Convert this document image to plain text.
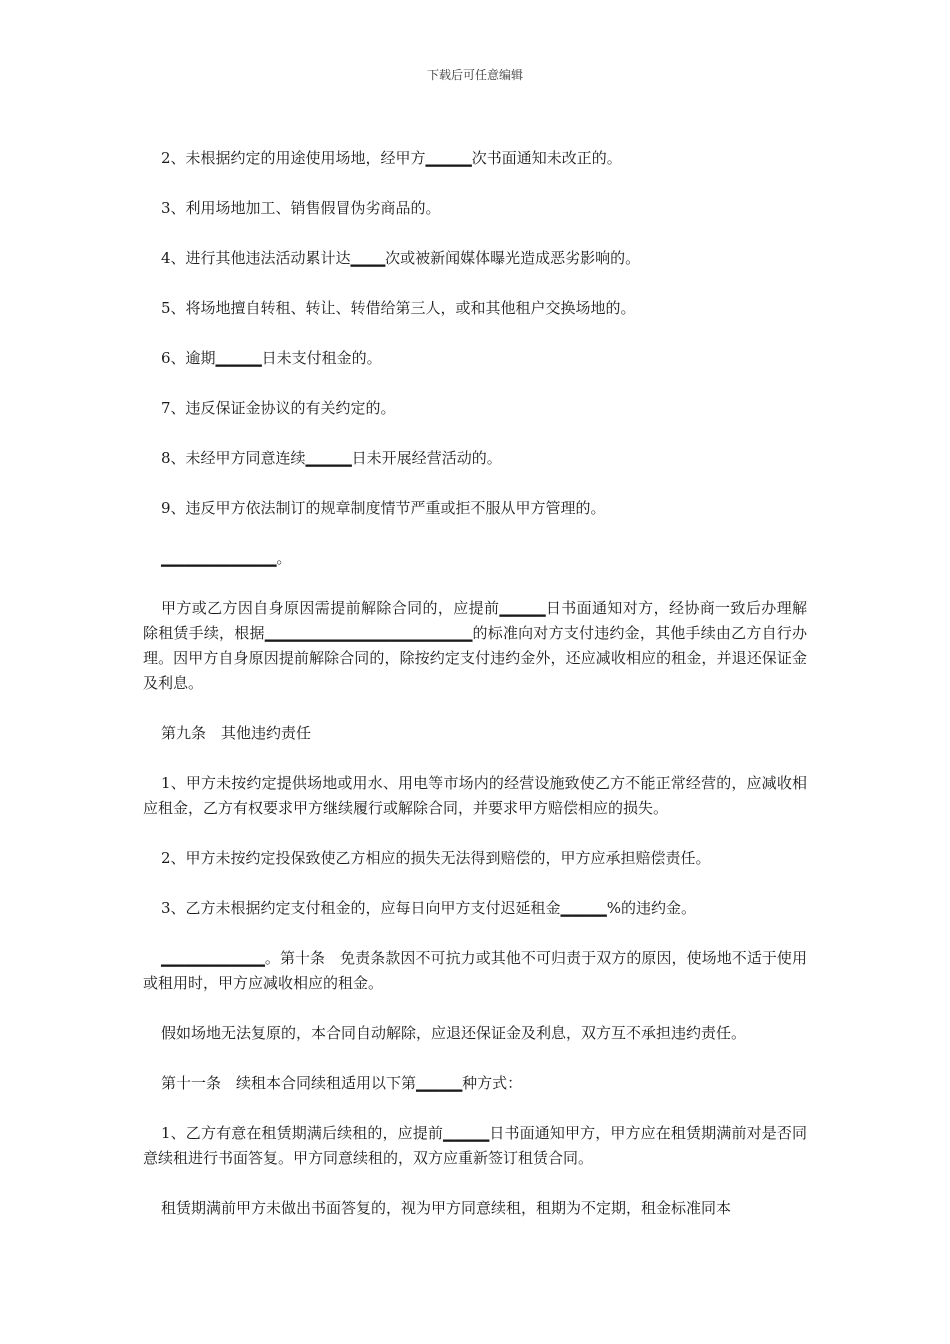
下载后可任意编辑

2、未根据约定的用途使用场地，经甲方▁▁▁▁次书面通知未改正的。

3、利用场地加工、销售假冒伪劣商品的。

4、进行其他违法活动累计达▁▁▁次或被新闻媒体曝光造成恶劣影响的。

5、将场地擅自转租、转让、转借给第三人，或和其他租户交换场地的。

6、逾期▁▁▁▁日未支付租金的。

7、违反保证金协议的有关约定的。

8、未经甲方同意连续▁▁▁▁日未开展经营活动的。

9、违反甲方依法制订的规章制度情节严重或拒不服从甲方管理的。

▁▁▁▁▁▁▁▁▁▁。

甲方或乙方因自身原因需提前解除合同的，应提前▁▁▁▁日书面通知对方，经协商一致后办理解除租赁手续，根据▁▁▁▁▁▁▁▁▁▁▁▁▁▁▁▁▁▁的标准向对方支付违约金，其他手续由乙方自行办理。因甲方自身原因提前解除合同的，除按约定支付违约金外，还应减收相应的租金，并退还保证金及利息。

第九条　其他违约责任

1、甲方未按约定提供场地或用水、用电等市场内的经营设施致使乙方不能正常经营的，应减收相应租金，乙方有权要求甲方继续履行或解除合同，并要求甲方赔偿相应的损失。

2、甲方未按约定投保致使乙方相应的损失无法得到赔偿的，甲方应承担赔偿责任。

3、乙方未根据约定支付租金的，应每日向甲方支付迟延租金▁▁▁▁%的违约金。

▁▁▁▁▁▁▁▁▁。第十条　免责条款因不可抗力或其他不可归责于双方的原因，使场地不适于使用或租用时，甲方应减收相应的租金。

假如场地无法复原的，本合同自动解除，应退还保证金及利息，双方互不承担违约责任。

第十一条　续租本合同续租适用以下第▁▁▁▁种方式：

1、乙方有意在租赁期满后续租的，应提前▁▁▁▁日书面通知甲方，甲方应在租赁期满前对是否同意续租进行书面答复。甲方同意续租的，双方应重新签订租赁合同。

租赁期满前甲方未做出书面答复的，视为甲方同意续租，租期为不定期，租金标准同本
